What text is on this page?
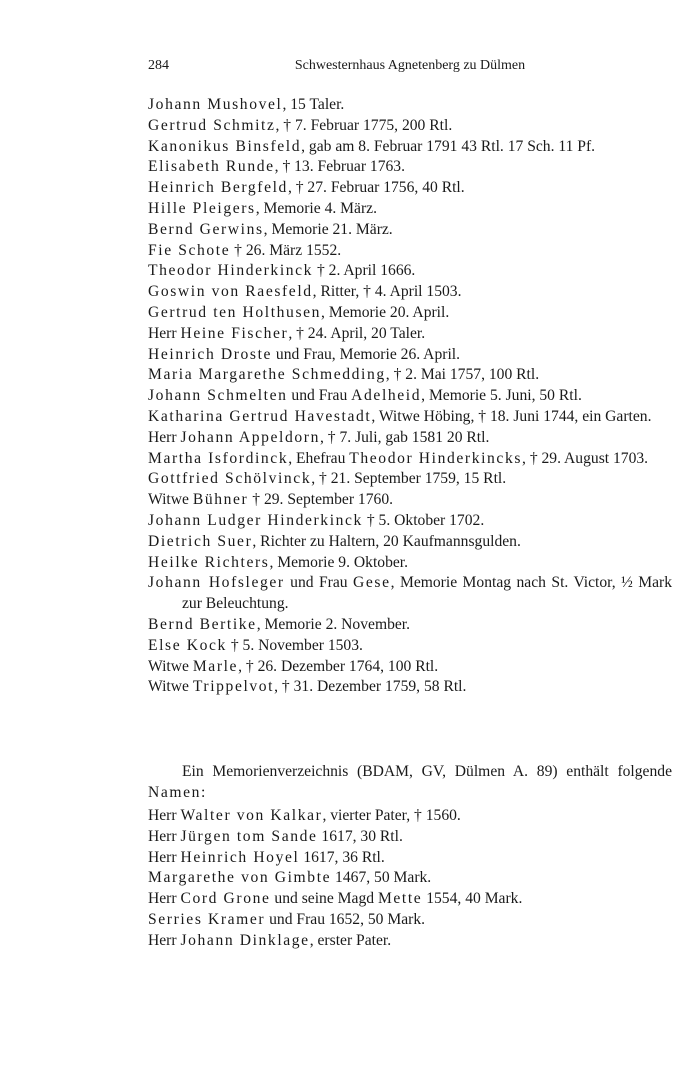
284	Schwesternhaus Agnetenberg zu Dülmen
Johann Mushovel, 15 Taler.
Gertrud Schmitz, † 7. Februar 1775, 200 Rtl.
Kanonikus Binsfeld, gab am 8. Februar 1791 43 Rtl. 17 Sch. 11 Pf.
Elisabeth Runde, † 13. Februar 1763.
Heinrich Bergfeld, † 27. Februar 1756, 40 Rtl.
Hille Pleigers, Memorie 4. März.
Bernd Gerwins, Memorie 21. März.
Fie Schote † 26. März 1552.
Theodor Hinderkinck † 2. April 1666.
Goswin von Raesfeld, Ritter, † 4. April 1503.
Gertrud ten Holthusen, Memorie 20. April.
Herr Heine Fischer, † 24. April, 20 Taler.
Heinrich Droste und Frau, Memorie 26. April.
Maria Margarethe Schmedding, † 2. Mai 1757, 100 Rtl.
Johann Schmelten und Frau Adelheid, Memorie 5. Juni, 50 Rtl.
Katharina Gertrud Havestadt, Witwe Höbing, † 18. Juni 1744, ein Garten.
Herr Johann Appeldorn, † 7. Juli, gab 1581 20 Rtl.
Martha Isfordinck, Ehefrau Theodor Hinderkincks, † 29. August 1703.
Gottfried Schölvinck, † 21. September 1759, 15 Rtl.
Witwe Bühner † 29. September 1760.
Johann Ludger Hinderkinck † 5. Oktober 1702.
Dietrich Suer, Richter zu Haltern, 20 Kaufmannsgulden.
Heilke Richters, Memorie 9. Oktober.
Johann Hofsleger und Frau Gese, Memorie Montag nach St. Victor, ½ Mark zur Beleuchtung.
Bernd Bertike, Memorie 2. November.
Else Kock † 5. November 1503.
Witwe Marle, † 26. Dezember 1764, 100 Rtl.
Witwe Trippelvot, † 31. Dezember 1759, 58 Rtl.
Ein Memorienverzeichnis (BDAM, GV, Dülmen A. 89) enthält folgende Namen:
Herr Walter von Kalkar, vierter Pater, † 1560.
Herr Jürgen tom Sande 1617, 30 Rtl.
Herr Heinrich Hoyel 1617, 36 Rtl.
Margarethe von Gimbte 1467, 50 Mark.
Herr Cord Grone und seine Magd Mette 1554, 40 Mark.
Serries Kramer und Frau 1652, 50 Mark.
Herr Johann Dinklage, erster Pater.
